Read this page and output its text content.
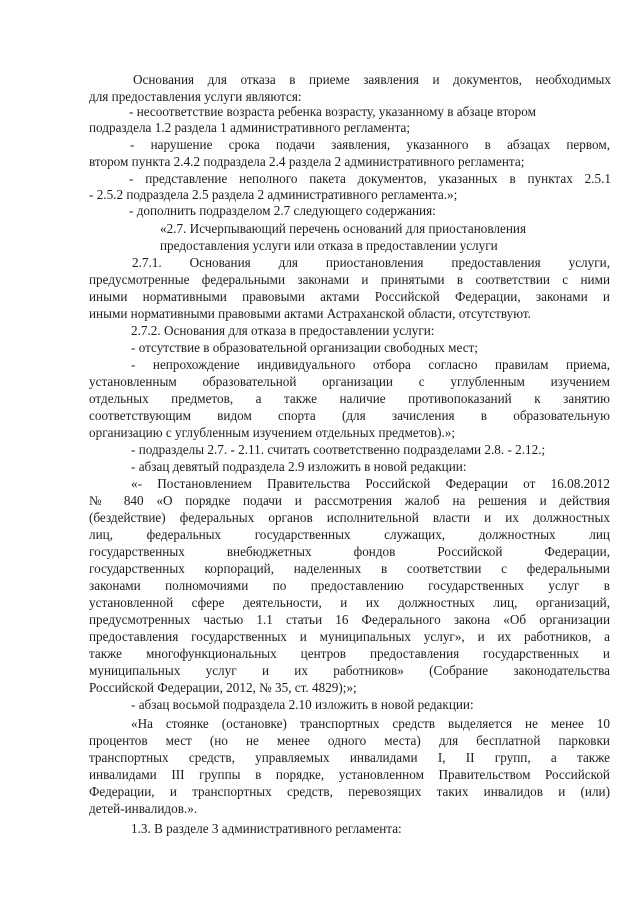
Основания для отказа в приеме заявления и документов, необходимых

для предоставления услуги являются:

- несоответствие возраста ребенка возрасту, указанному в абзаце втором

подраздела 1.2 раздела 1 административного регламента;

- нарушение срока подачи заявления, указанного в абзацах первом,

втором пункта 2.4.2 подраздела 2.4 раздела 2 административного регламента;

- представление неполного пакета документов, указанных в пунктах 2.5.1

- 2.5.2 подраздела 2.5 раздела 2 административного регламента.»;

- дополнить подразделом 2.7 следующего содержания:

«2.7. Исчерпывающий перечень оснований для приостановления

предоставления услуги или отказа в предоставлении услуги

2.7.1. Основания для приостановления предоставления услуги,

предусмотренные федеральными законами и принятыми в соответствии с ними

иными нормативными правовыми актами Российской Федерации, законами и

иными нормативными правовыми актами Астраханской области, отсутствуют.

2.7.2. Основания для отказа в предоставлении услуги:

- отсутствие в образовательной организации свободных мест;

- непрохождение индивидуального отбора согласно правилам приема,

установленным образовательной организации с углубленным изучением

отдельных предметов, а также наличие противопоказаний к занятию

соответствующим видом спорта (для зачисления в образовательную

организацию с углубленным изучением отдельных предметов).»;

- подразделы 2.7. - 2.11. считать соответственно подразделами 2.8. - 2.12.;

- абзац девятый подраздела 2.9 изложить в новой редакции:

«- Постановлением Правительства Российской Федерации от 16.08.2012

№ 840 «О порядке подачи и рассмотрения жалоб на решения и действия

(бездействие) федеральных органов исполнительной власти и их должностных

лиц, федеральных государственных служащих, должностных лиц

государственных внебюджетных фондов Российской Федерации,

государственных корпораций, наделенных в соответствии с федеральными

законами полномочиями по предоставлению государственных услуг в

установленной сфере деятельности, и их должностных лиц, организаций,

предусмотренных частью 1.1 статьи 16 Федерального закона «Об организации

предоставления государственных и муниципальных услуг», и их работников, а

также многофункциональных центров предоставления государственных и

муниципальных услуг и их работников» (Собрание законодательства

Российской Федерации, 2012, № 35, ст. 4829);»;

- абзац восьмой подраздела 2.10 изложить в новой редакции:

«На стоянке (остановке) транспортных средств выделяется не менее 10

процентов мест (но не менее одного места) для бесплатной парковки

транспортных средств, управляемых инвалидами I, II групп, а также

инвалидами III группы в порядке, установленном Правительством Российской

Федерации, и транспортных средств, перевозящих таких инвалидов и (или)

детей-инвалидов.».

1.3. В разделе 3 административного регламента:
